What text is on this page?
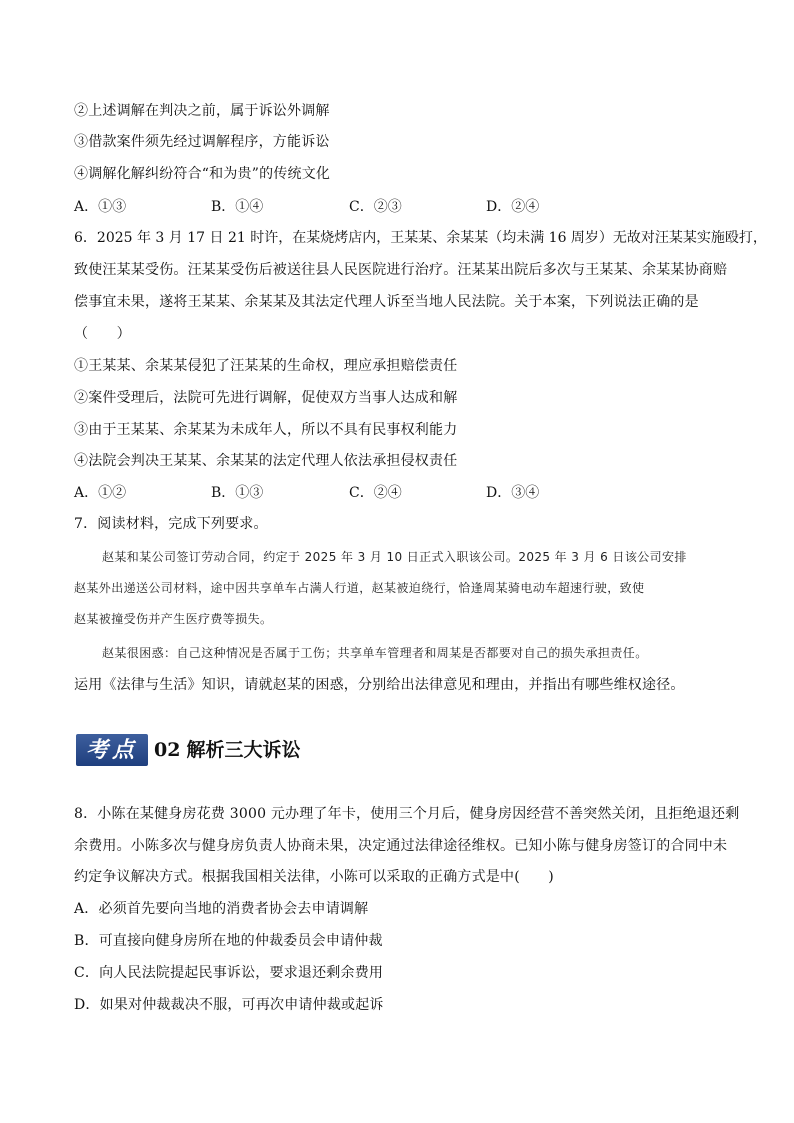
②上述调解在判决之前，属于诉讼外调解
③借款案件须先经过调解程序，方能诉讼
④调解化解纠纷符合“和为贵”的传统文化
A．①③	B．①④	C．②③	D．②④
6．2025 年 3 月 17 日 21 时许，在某烧烤店内，王某某、余某某（均未满 16 周岁）无故对汪某某实施殴打，
致使汪某某受伤。汪某某受伤后被送往县人民医院进行治疗。汪某某出院后多次与王某某、余某某协商赔
偿事宜未果，遂将王某某、余某某及其法定代理人诉至当地人民法院。关于本案，下列说法正确的是
（　　）
①王某某、余某某侵犯了汪某某的生命权，理应承担赔偿责任
②案件受理后，法院可先进行调解，促使双方当事人达成和解
③由于王某某、余某某为未成年人，所以不具有民事权利能力
④法院会判决王某某、余某某的法定代理人依法承担侵权责任
A．①②	B．①③	C．②④	D．③④
7．阅读材料，完成下列要求。
赵某和某公司签订劳动合同，约定于 2025 年 3 月 10 日正式入职该公司。2025 年 3 月 6 日该公司安排
赵某外出递送公司材料，途中因共享单车占满人行道，赵某被迫绕行，恰逢周某骑电动车超速行驶，致使
赵某被撞受伤并产生医疗费等损失。
赵某很困惑：自己这种情况是否属于工伤；共享单车管理者和周某是否都要对自己的损失承担责任。
运用《法律与生活》知识，请就赵某的困惑，分别给出法律意见和理由，并指出有哪些维权途径。
考点 02 解析三大诉讼
8．小陈在某健身房花费 3000 元办理了年卡，使用三个月后，健身房因经营不善突然关闭，且拒绝退还剩
余费用。小陈多次与健身房负责人协商未果，决定通过法律途径维权。已知小陈与健身房签订的合同中未
约定争议解决方式。根据我国相关法律，小陈可以采取的正确方式是中(　　)
A．必须首先要向当地的消费者协会去申请调解
B．可直接向健身房所在地的仲裁委员会申请仲裁
C．向人民法院提起民事诉讼，要求退还剩余费用
D．如果对仲裁裁决不服，可再次申请仲裁或起诉
